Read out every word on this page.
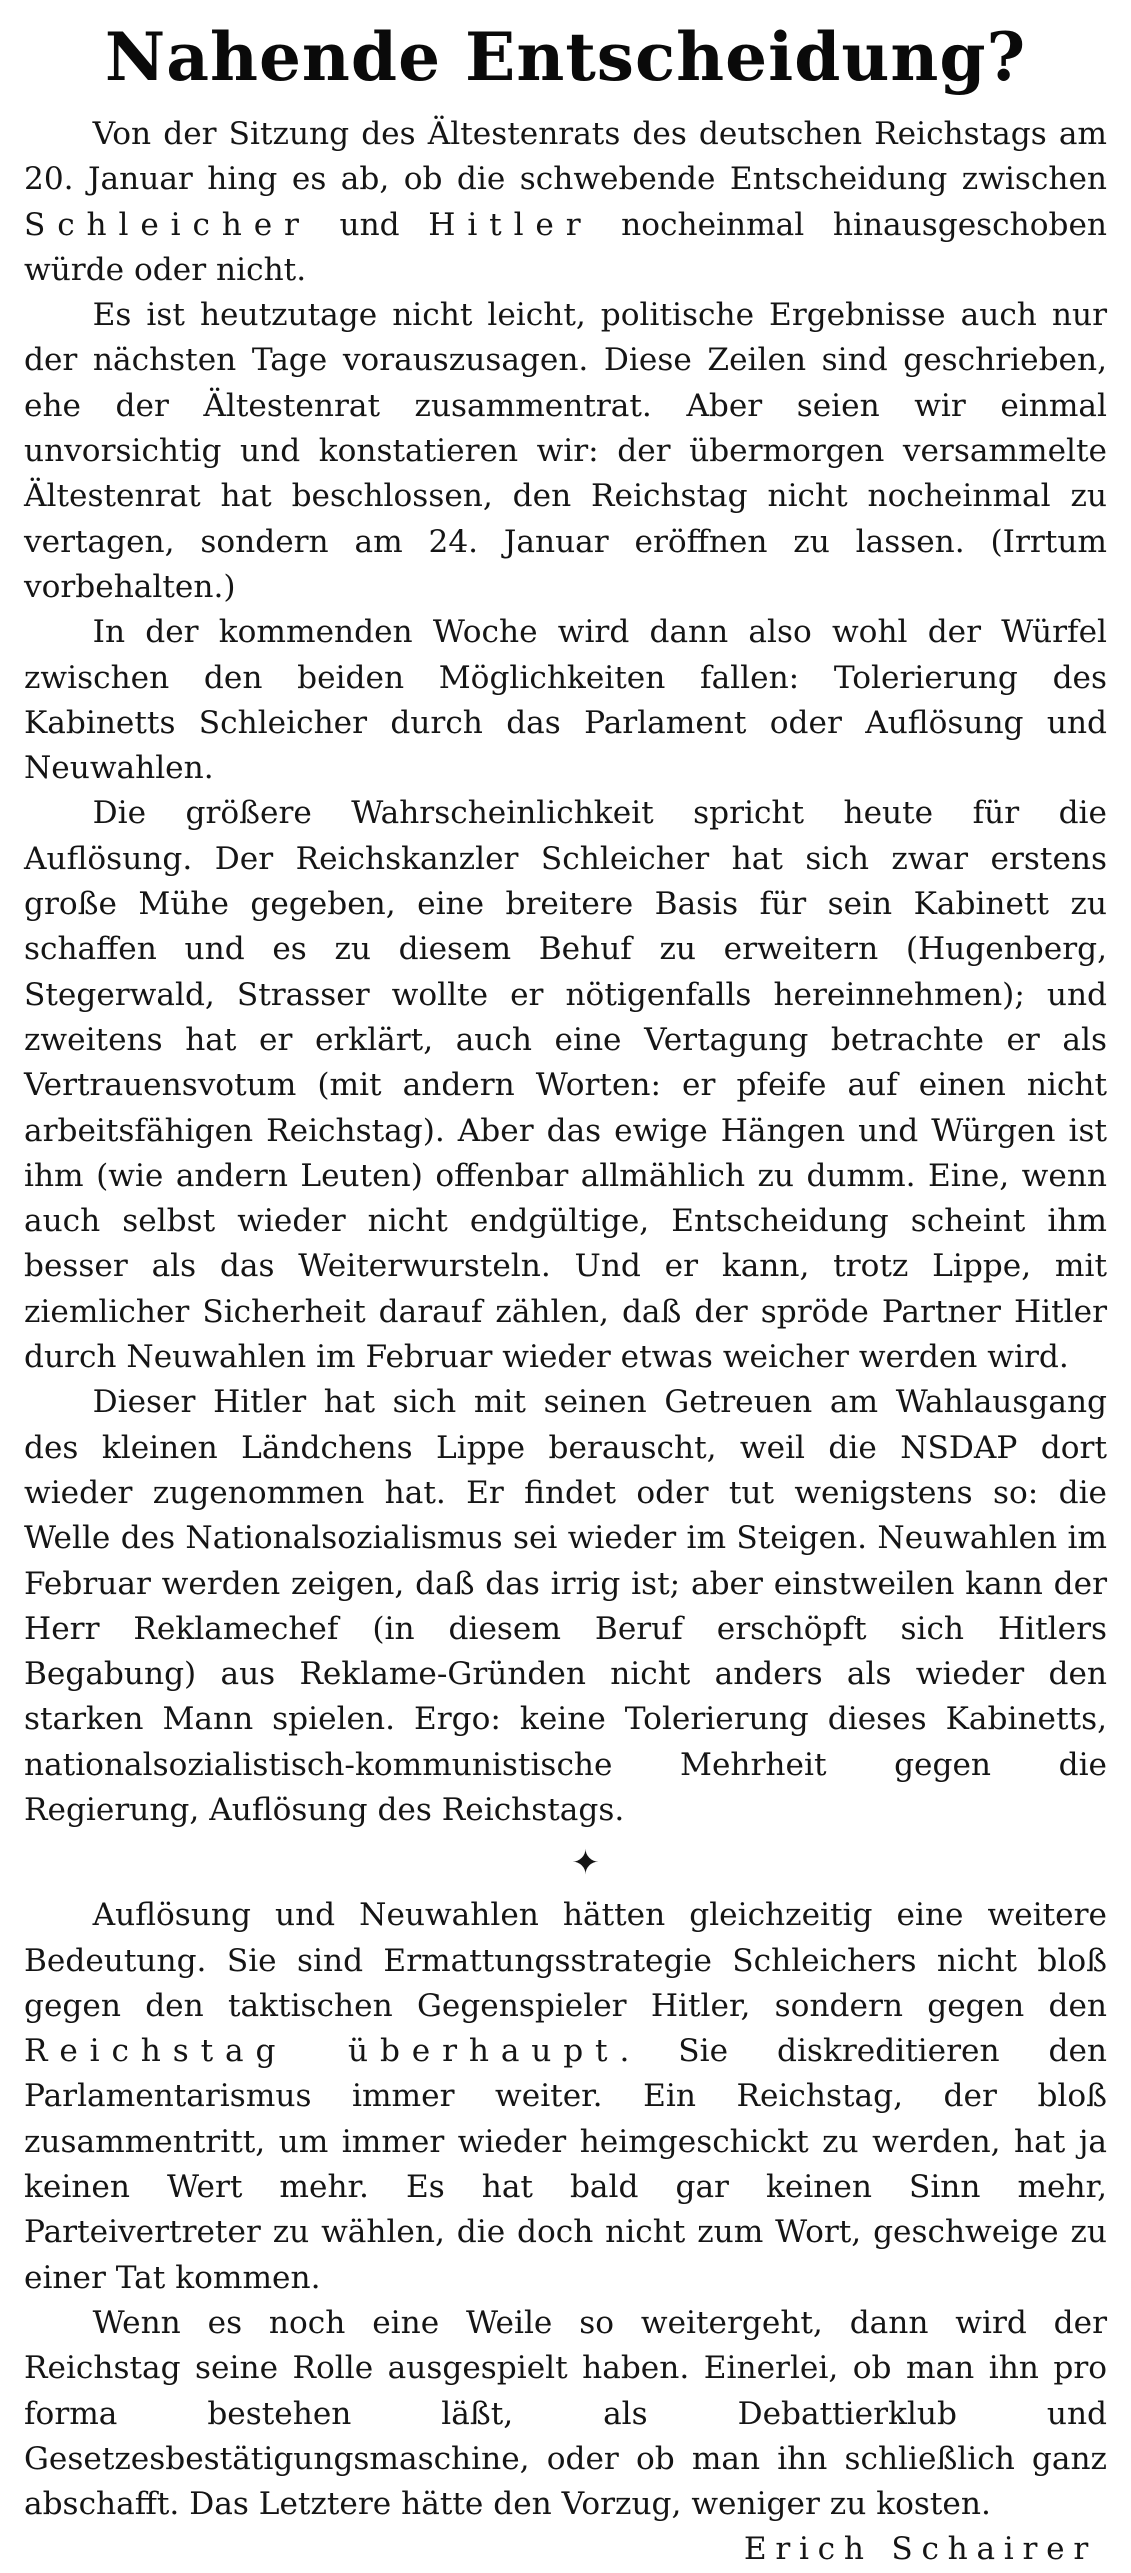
Nahende Entscheidung?

Von der Sitzung des Ältestenrats des deutschen Reichstags am 20. Januar hing es ab, ob die schwebende Entscheidung zwischen Schleicher und Hitler nocheinmal hinausgeschoben würde oder nicht.

Es ist heutzutage nicht leicht, politische Ergebnisse auch nur der nächsten Tage vorauszusagen. Diese Zeilen sind geschrieben, ehe der Ältestenrat zusammentrat. Aber seien wir einmal unvorsichtig und konstatieren wir: der übermorgen versammelte Ältestenrat hat beschlossen, den Reichstag nicht nocheinmal zu vertagen, sondern am 24. Januar eröffnen zu lassen. (Irrtum vorbehalten.)

In der kommenden Woche wird dann also wohl der Würfel zwischen den beiden Möglichkeiten fallen: Tolerierung des Kabinetts Schleicher durch das Parlament oder Auflösung und Neuwahlen.

Die größere Wahrscheinlichkeit spricht heute für die Auflösung. Der Reichskanzler Schleicher hat sich zwar erstens große Mühe gegeben, eine breitere Basis für sein Kabinett zu schaffen und es zu diesem Behuf zu erweitern (Hugenberg, Stegerwald, Strasser wollte er nötigenfalls hereinnehmen); und zweitens hat er erklärt, auch eine Vertagung betrachte er als Vertrauensvotum (mit andern Worten: er pfeife auf einen nicht arbeitsfähigen Reichstag). Aber das ewige Hängen und Würgen ist ihm (wie andern Leuten) offenbar allmählich zu dumm. Eine, wenn auch selbst wieder nicht endgültige, Entscheidung scheint ihm besser als das Weiterwursteln. Und er kann, trotz Lippe, mit ziemlicher Sicherheit darauf zählen, daß der spröde Partner Hitler durch Neuwahlen im Februar wieder etwas weicher werden wird.

Dieser Hitler hat sich mit seinen Getreuen am Wahlausgang des kleinen Ländchens Lippe berauscht, weil die NSDAP dort wieder zugenommen hat. Er findet oder tut wenigstens so: die Welle des Nationalsozialismus sei wieder im Steigen. Neuwahlen im Februar werden zeigen, daß das irrig ist; aber einstweilen kann der Herr Reklamechef (in diesem Beruf erschöpft sich Hitlers Begabung) aus Reklame-Gründen nicht anders als wieder den starken Mann spielen. Ergo: keine Tolerierung dieses Kabinetts, nationalsozialistisch-kommunistische Mehrheit gegen die Regierung, Auflösung des Reichstags.

✦

Auflösung und Neuwahlen hätten gleichzeitig eine weitere Bedeutung. Sie sind Ermattungsstrategie Schleichers nicht bloß gegen den taktischen Gegenspieler Hitler, sondern gegen den Reichstag überhaupt. Sie diskreditieren den Parlamentarismus immer weiter. Ein Reichstag, der bloß zusammentritt, um immer wieder heimgeschickt zu werden, hat ja keinen Wert mehr. Es hat bald gar keinen Sinn mehr, Parteivertreter zu wählen, die doch nicht zum Wort, geschweige zu einer Tat kommen.

Wenn es noch eine Weile so weitergeht, dann wird der Reichstag seine Rolle ausgespielt haben. Einerlei, ob man ihn pro forma bestehen läßt, als Debattierklub und Gesetzesbestätigungsmaschine, oder ob man ihn schließlich ganz abschafft. Das Letztere hätte den Vorzug, weniger zu kosten.

Erich Schairer
